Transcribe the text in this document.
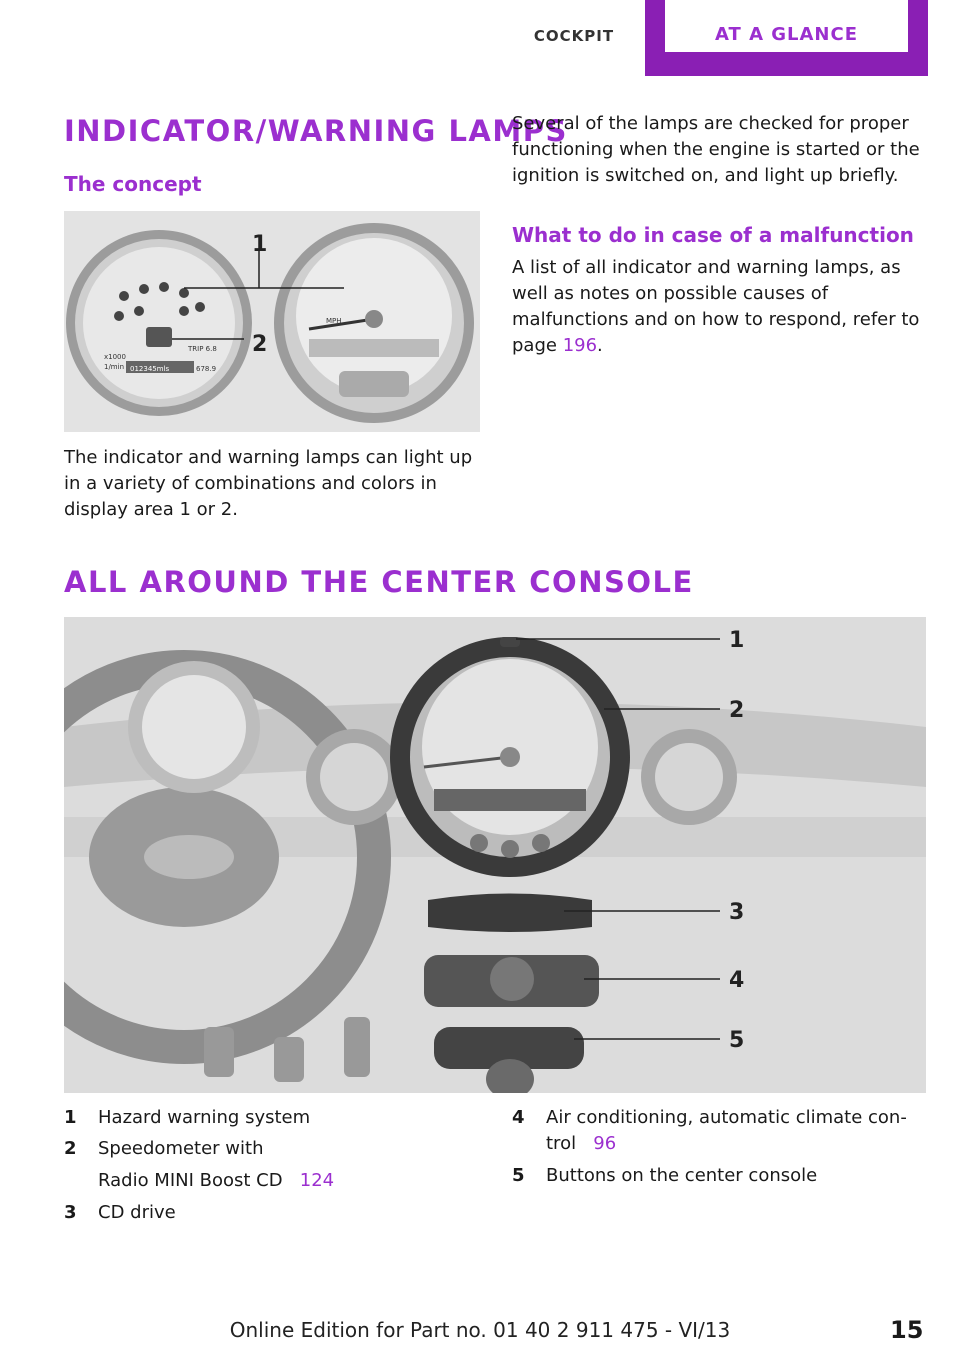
COCKPIT	AT A GLANCE
INDICATOR/WARNING LAMPS
The concept
x1000
1/min 012345mls
TRIP 6.8
678.9
MPH
1
2
The indicator and warning lamps can light up in a variety of combinations and colors in display area 1 or 2.
Several of the lamps are checked for proper functioning when the engine is started or the ignition is switched on, and light up briefly.
What to do in case of a malfunction
A list of all indicator and warning lamps, as well as notes on possible causes of malfunctions and on how to respond, refer to page 196.
ALL AROUND THE CENTER CONSOLE
1
2
3
4
5
1 Hazard warning system
2 Speedometer with
Radio MINI Boost CD 124
3 CD drive
4 Air conditioning, automatic climate con-
trol 96
5 Buttons on the center console
Online Edition for Part no. 01 40 2 911 475 - VI/13	15
